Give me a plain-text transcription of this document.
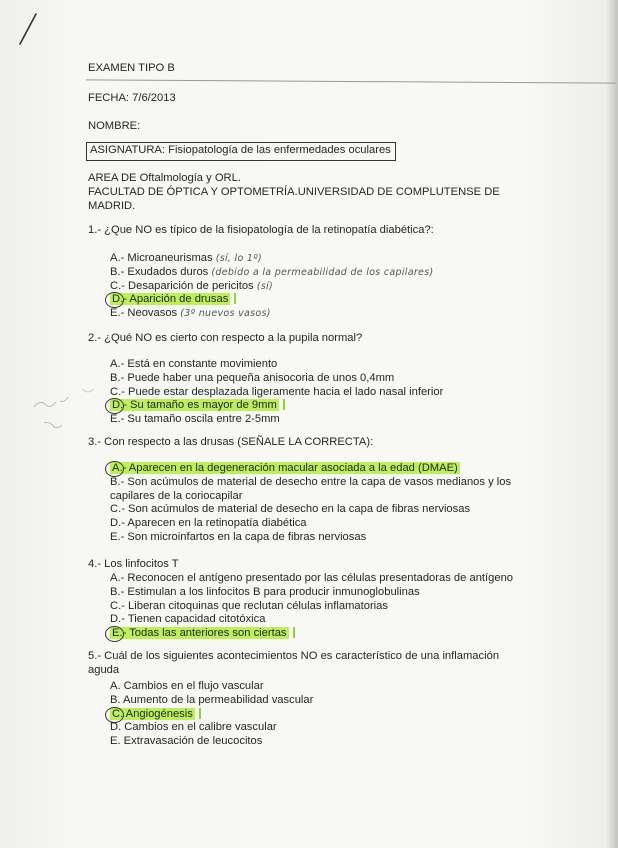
EXAMEN TIPO B
FECHA: 7/6/2013
NOMBRE:
ASIGNATURA: Fisiopatología de las enfermedades oculares
AREA DE Oftalmología y ORL.
FACULTAD DE ÓPTICA Y OPTOMETRÍA.UNIVERSIDAD DE COMPLUTENSE DE
MADRID.
1.- ¿Que NO es típico de la fisiopatología de la retinopatía diabética?:
A.- Microaneurismas (sí, lo 1º)
B.- Exudados duros (debido a la permeabilidad de los capilares)
C.- Desaparición de pericitos (sí)
D.- Aparición de drusas
E.- Neovasos (3º nuevos vasos)
2.- ¿Qué NO es cierto con respecto a la pupila normal?
A.- Está en constante movimiento
B.- Puede haber una pequeña anisocoria de unos 0,4mm
C.- Puede estar desplazada ligeramente hacia el lado nasal inferior
D.- Su tamaño es mayor de 9mm
E.- Su tamaño oscila entre 2-5mm
3.- Con respecto a las drusas (SEÑALE LA CORRECTA):
A.- Aparecen en la degeneración macular asociada a la edad (DMAE)
B.- Son acúmulos de material de desecho entre la capa de vasos medianos y los capilares de la coriocapilar
C.- Son acúmulos de material de desecho en la capa de fibras nerviosas
D.- Aparecen en la retinopatía diabética
E.- Son microinfartos en la capa de fibras nerviosas
4.- Los linfocitos T
A.- Reconocen el antígeno presentado por las células presentadoras de antígeno
B.- Estimulan a los linfocitos B para producir inmunoglobulinas
C.- Liberan citoquinas que reclutan células inflamatorias
D.- Tienen capacidad citotóxica
E.- Todas las anteriores son ciertas
5.- Cuál de los siguientes acontecimientos NO es característico de una inflamación aguda
A. Cambios en el flujo vascular
B. Aumento de la permeabilidad vascular
C. Angiogénesis
D. Cambios en el calibre vascular
E. Extravasación de leucocitos
